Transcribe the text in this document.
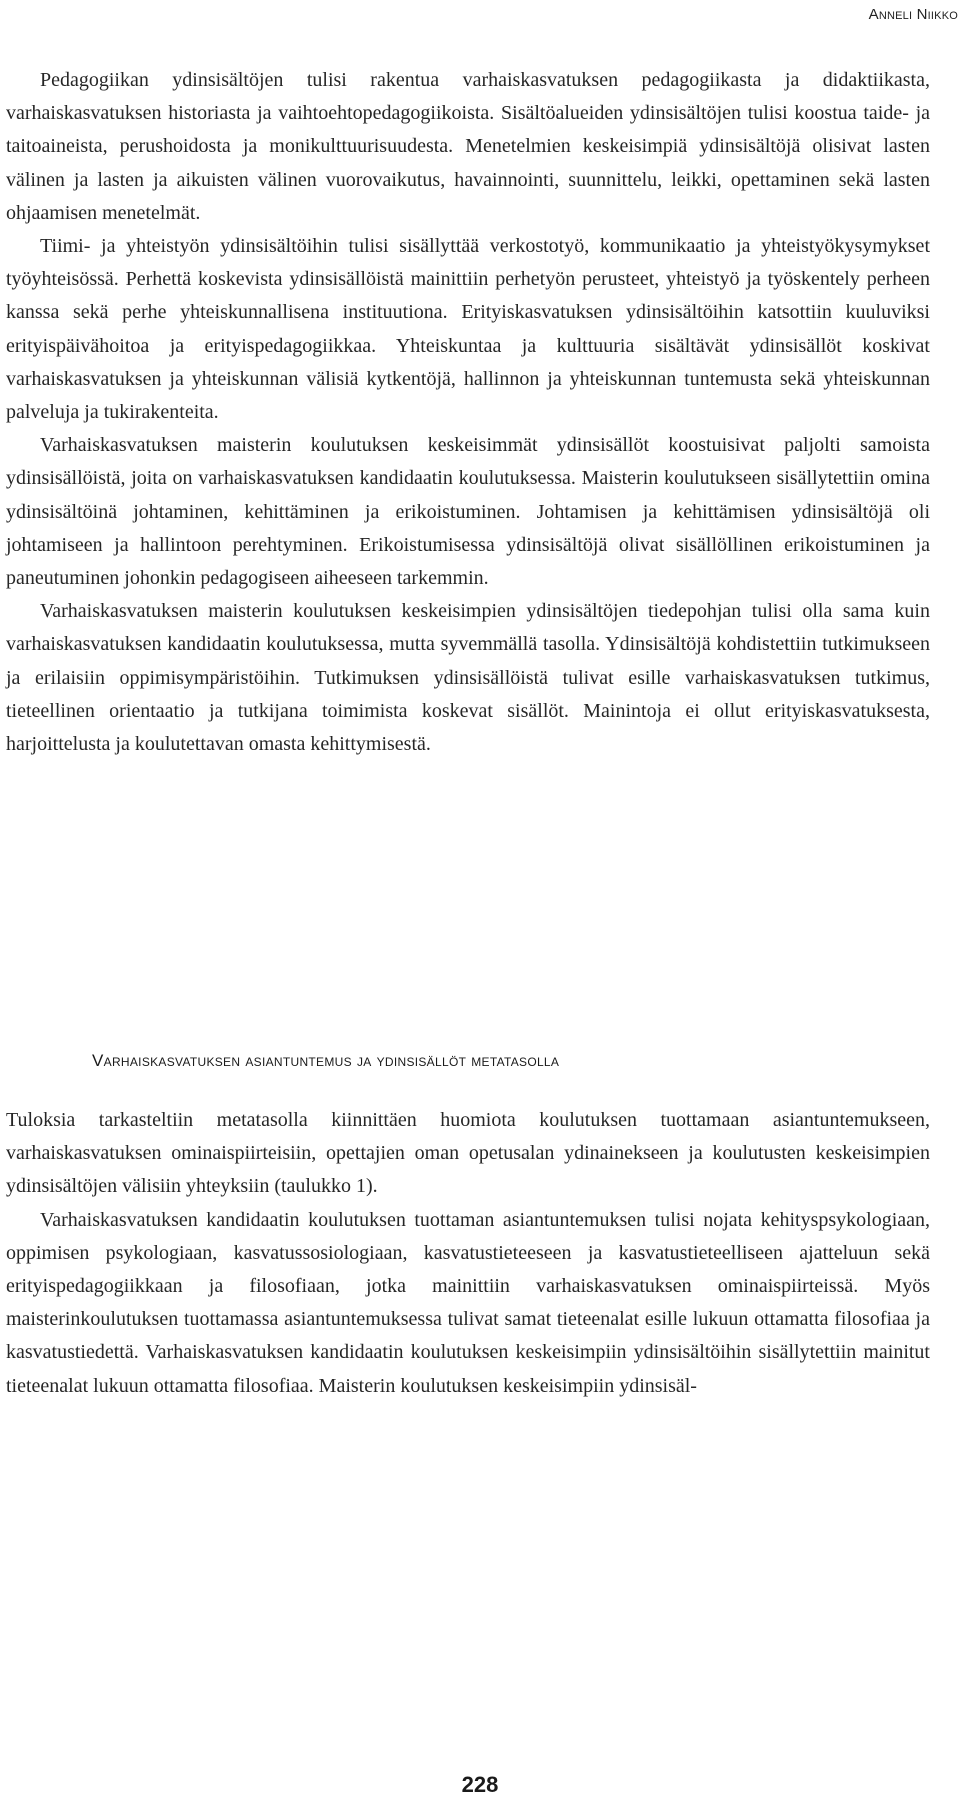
Anneli Niikko

Pedagogiikan ydinsisältöjen tulisi rakentua varhaiskasvatuksen pedagogiikasta ja didaktiikasta, varhaiskasvatuksen historiasta ja vaihtoehtopedagogiikoista. Sisältöalueiden ydinsisältöjen tulisi koostua taide- ja taitoaineista, perushoidosta ja monikulttuurisuudesta. Menetelmien keskeisimpiä ydinsisältöjä olisivat lasten välinen ja lasten ja aikuisten välinen vuorovaikutus, havainnointi, suunnittelu, leikki, opettaminen sekä lasten ohjaamisen menetelmät.

Tiimi- ja yhteistyön ydinsisältöihin tulisi sisällyttää verkostotyö, kommunikaatio ja yhteistyökysymykset työyhteisössä. Perhettä koskevista ydinsisällöistä mainittiin perhetyön perusteet, yhteistyö ja työskentely perheen kanssa sekä perhe yhteiskunnallisena instituutiona. Erityiskasvatuksen ydinsisältöihin katsottiin kuuluviksi erityispäivähoitoa ja erityispedagogiikkaa. Yhteiskuntaa ja kulttuuria sisältävät ydinsisällöt koskivat varhaiskasvatuksen ja yhteiskunnan välisiä kytkentöjä, hallinnon ja yhteiskunnan tuntemusta sekä yhteiskunnan palveluja ja tukirakenteita.

Varhaiskasvatuksen maisterin koulutuksen keskeisimmät ydinsisällöt koostuisivat paljolti samoista ydinsisällöistä, joita on varhaiskasvatuksen kandidaatin koulutuksessa. Maisterin koulutukseen sisällytettiin omina ydinsisältöinä johtaminen, kehittäminen ja erikoistuminen. Johtamisen ja kehittämisen ydinsisältöjä oli johtamiseen ja hallintoon perehtyminen. Erikoistumisessa ydinsisältöjä olivat sisällöllinen erikoistuminen ja paneutuminen johonkin pedagogiseen aiheeseen tarkemmin.

Varhaiskasvatuksen maisterin koulutuksen keskeisimpien ydinsisältöjen tiedepohjan tulisi olla sama kuin varhaiskasvatuksen kandidaatin koulutuksessa, mutta syvemmällä tasolla. Ydinsisältöjä kohdistettiin tutkimukseen ja erilaisiin oppimisympäristöihin. Tutkimuksen ydinsisällöistä tulivat esille varhaiskasvatuksen tutkimus, tieteellinen orientaatio ja tutkijana toimimista koskevat sisällöt. Mainintoja ei ollut erityiskasvatuksesta, harjoittelusta ja koulutettavan omasta kehittymisestä.

Varhaiskasvatuksen asiantuntemus ja ydinsisällöt metatasolla

Tuloksia tarkasteltiin metatasolla kiinnittäen huomiota koulutuksen tuottamaan asiantuntemukseen, varhaiskasvatuksen ominaispiirteisiin, opettajien oman opetusalan ydinainekseen ja koulutusten keskeisimpien ydinsisältöjen välisiin yhteyksiin (taulukko 1).

Varhaiskasvatuksen kandidaatin koulutuksen tuottaman asiantuntemuksen tulisi nojata kehityspsykologiaan, oppimisen psykologiaan, kasvatussosiologiaan, kasvatustieteeseen ja kasvatustieteelliseen ajatteluun sekä erityispedagogiikkaan ja filosofiaan, jotka mainittiin varhaiskasvatuksen ominaispiirteissä. Myös maisterinkoulutuksen tuottamassa asiantuntemuksessa tulivat samat tieteenalat esille lukuun ottamatta filosofiaa ja kasvatustiedettä. Varhaiskasvatuksen kandidaatin koulutuksen keskeisimpiin ydinsisältöihin sisällytettiin mainitut tieteenalat lukuun ottamatta filosofiaa. Maisterin koulutuksen keskeisimpiin ydinsisäl-

228
